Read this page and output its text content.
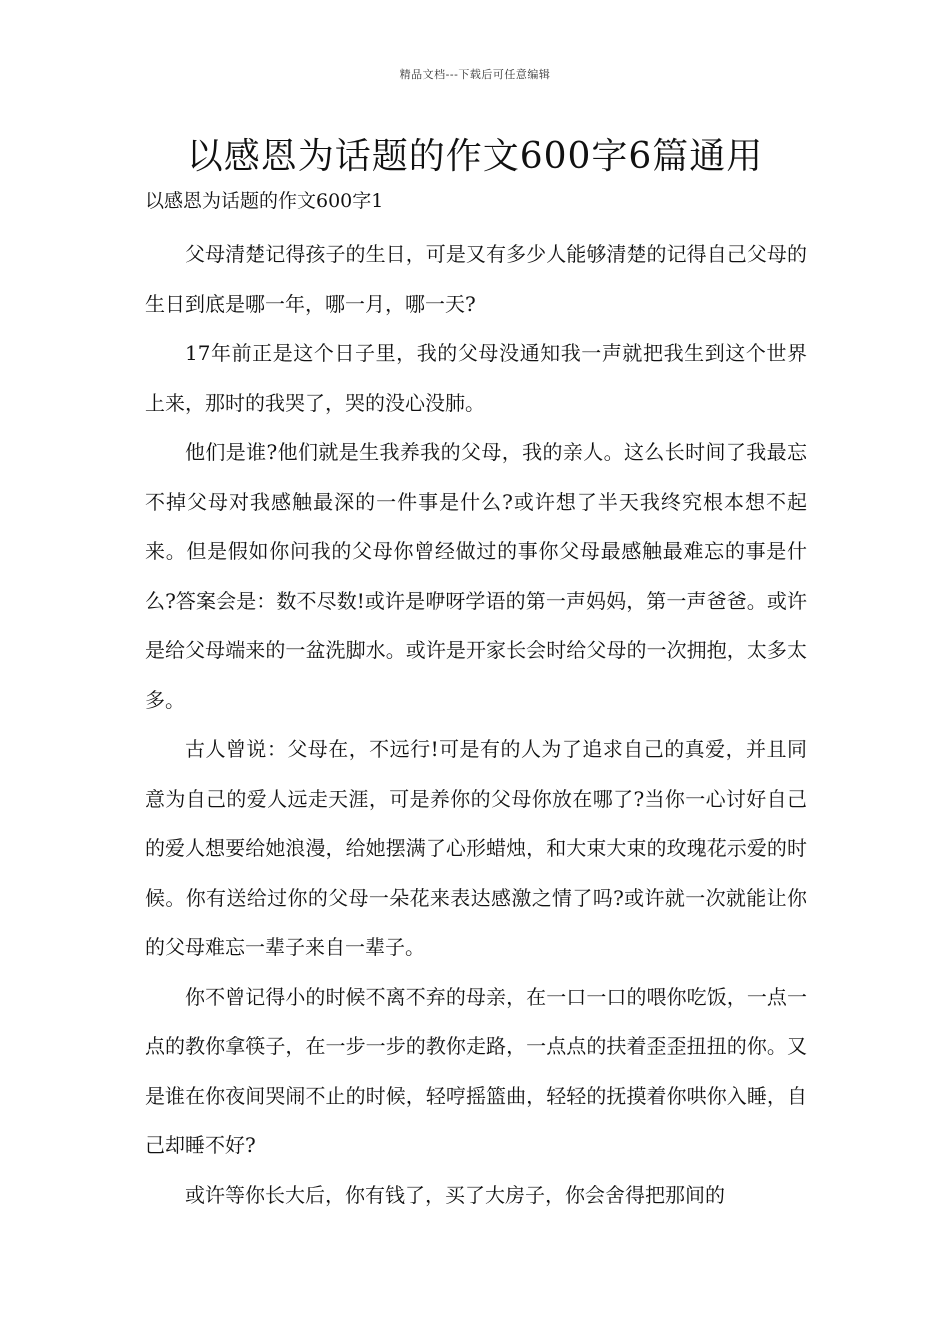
精品文档---下载后可任意编辑
以感恩为话题的作文600字6篇通用
以感恩为话题的作文600字1

父母清楚记得孩子的生日，可是又有多少人能够清楚的记得自己父母的生日到底是哪一年，哪一月，哪一天?

17年前正是这个日子里，我的父母没通知我一声就把我生到这个世界上来，那时的我哭了，哭的没心没肺。

他们是谁?他们就是生我养我的父母，我的亲人。这么长时间了我最忘不掉父母对我感触最深的一件事是什么?或许想了半天我终究根本想不起来。但是假如你问我的父母你曾经做过的事你父母最感触最难忘的事是什么?答案会是：数不尽数!或许是咿呀学语的第一声妈妈，第一声爸爸。或许是给父母端来的一盆洗脚水。或许是开家长会时给父母的一次拥抱，太多太多。

古人曾说：父母在，不远行!可是有的人为了追求自己的真爱，并且同意为自己的爱人远走天涯，可是养你的父母你放在哪了?当你一心讨好自己的爱人想要给她浪漫，给她摆满了心形蜡烛，和大束大束的玫瑰花示爱的时候。你有送给过你的父母一朵花来表达感激之情了吗?或许就一次就能让你的父母难忘一辈子来自一辈子。

你不曾记得小的时候不离不弃的母亲，在一口一口的喂你吃饭，一点一点的教你拿筷子，在一步一步的教你走路，一点点的扶着歪歪扭扭的你。又是谁在你夜间哭闹不止的时候，轻哼摇篮曲，轻轻的抚摸着你哄你入睡，自己却睡不好?

或许等你长大后，你有钱了，买了大房子，你会舍得把那间的
